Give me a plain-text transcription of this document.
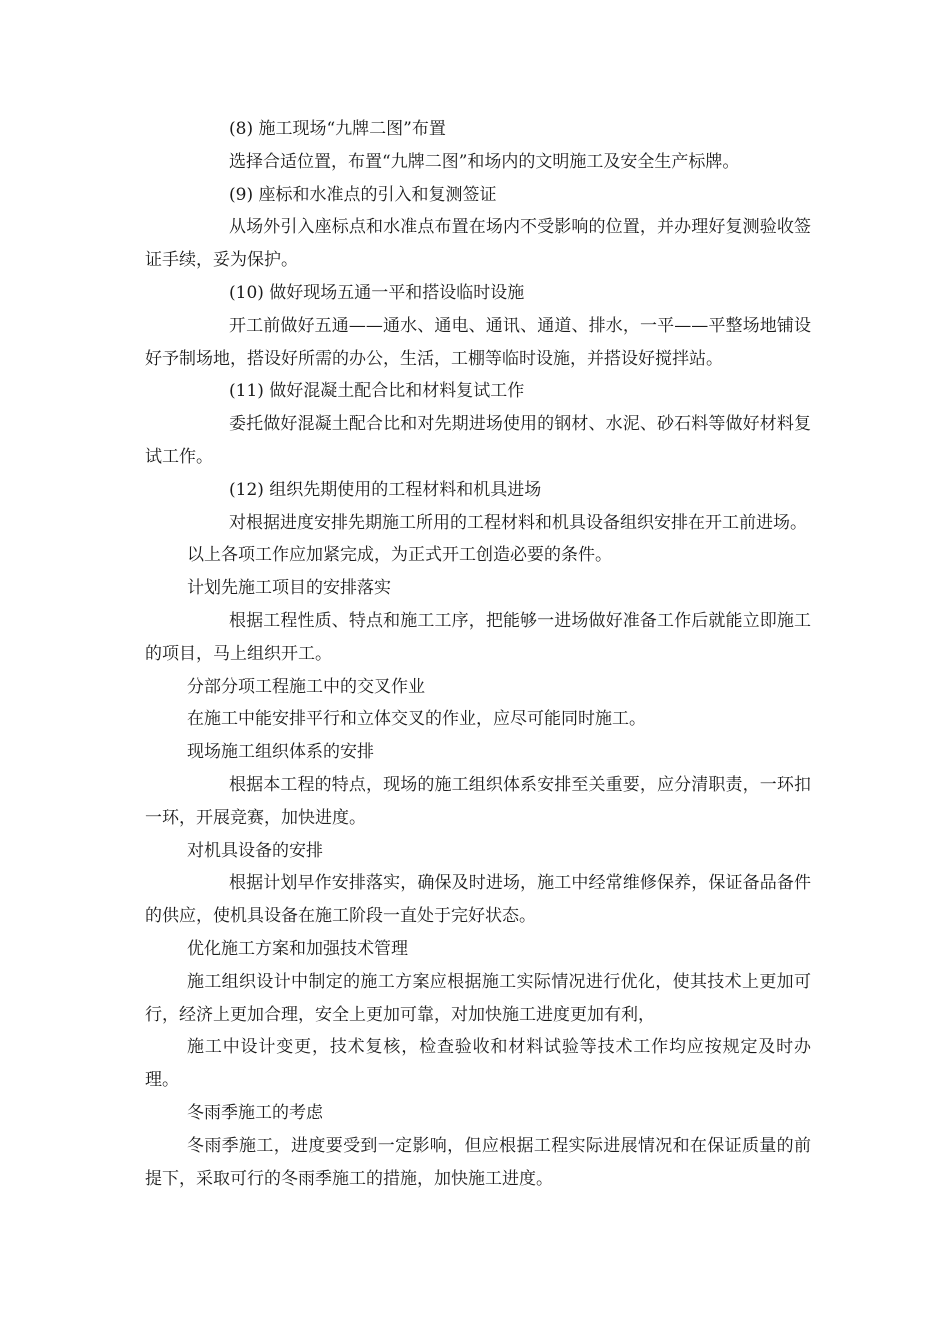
(8) 施工现场“九牌二图”布置

选择合适位置，布置“九牌二图”和场内的文明施工及安全生产标牌。

(9) 座标和水准点的引入和复测签证

从场外引入座标点和水准点布置在场内不受影响的位置，并办理好复测验收签证手续，妥为保护。

(10) 做好现场五通一平和搭设临时设施

开工前做好五通——通水、通电、通讯、通道、排水，一平——平整场地铺设好予制场地，搭设好所需的办公，生活，工棚等临时设施，并搭设好搅拌站。

(11) 做好混凝土配合比和材料复试工作

委托做好混凝土配合比和对先期进场使用的钢材、水泥、砂石料等做好材料复试工作。

(12) 组织先期使用的工程材料和机具进场

对根据进度安排先期施工所用的工程材料和机具设备组织安排在开工前进场。

以上各项工作应加紧完成，为正式开工创造必要的条件。

计划先施工项目的安排落实

根据工程性质、特点和施工工序，把能够一进场做好准备工作后就能立即施工的项目，马上组织开工。

分部分项工程施工中的交叉作业

在施工中能安排平行和立体交叉的作业，应尽可能同时施工。

现场施工组织体系的安排

根据本工程的特点，现场的施工组织体系安排至关重要，应分清职责，一环扣一环，开展竞赛，加快进度。

对机具设备的安排

根据计划早作安排落实，确保及时进场，施工中经常维修保养，保证备品备件的供应，使机具设备在施工阶段一直处于完好状态。

优化施工方案和加强技术管理

施工组织设计中制定的施工方案应根据施工实际情况进行优化，使其技术上更加可行，经济上更加合理，安全上更加可靠，对加快施工进度更加有利，

施工中设计变更，技术复核，检查验收和材料试验等技术工作均应按规定及时办理。

冬雨季施工的考虑

冬雨季施工，进度要受到一定影响，但应根据工程实际进展情况和在保证质量的前提下，采取可行的冬雨季施工的措施，加快施工进度。
